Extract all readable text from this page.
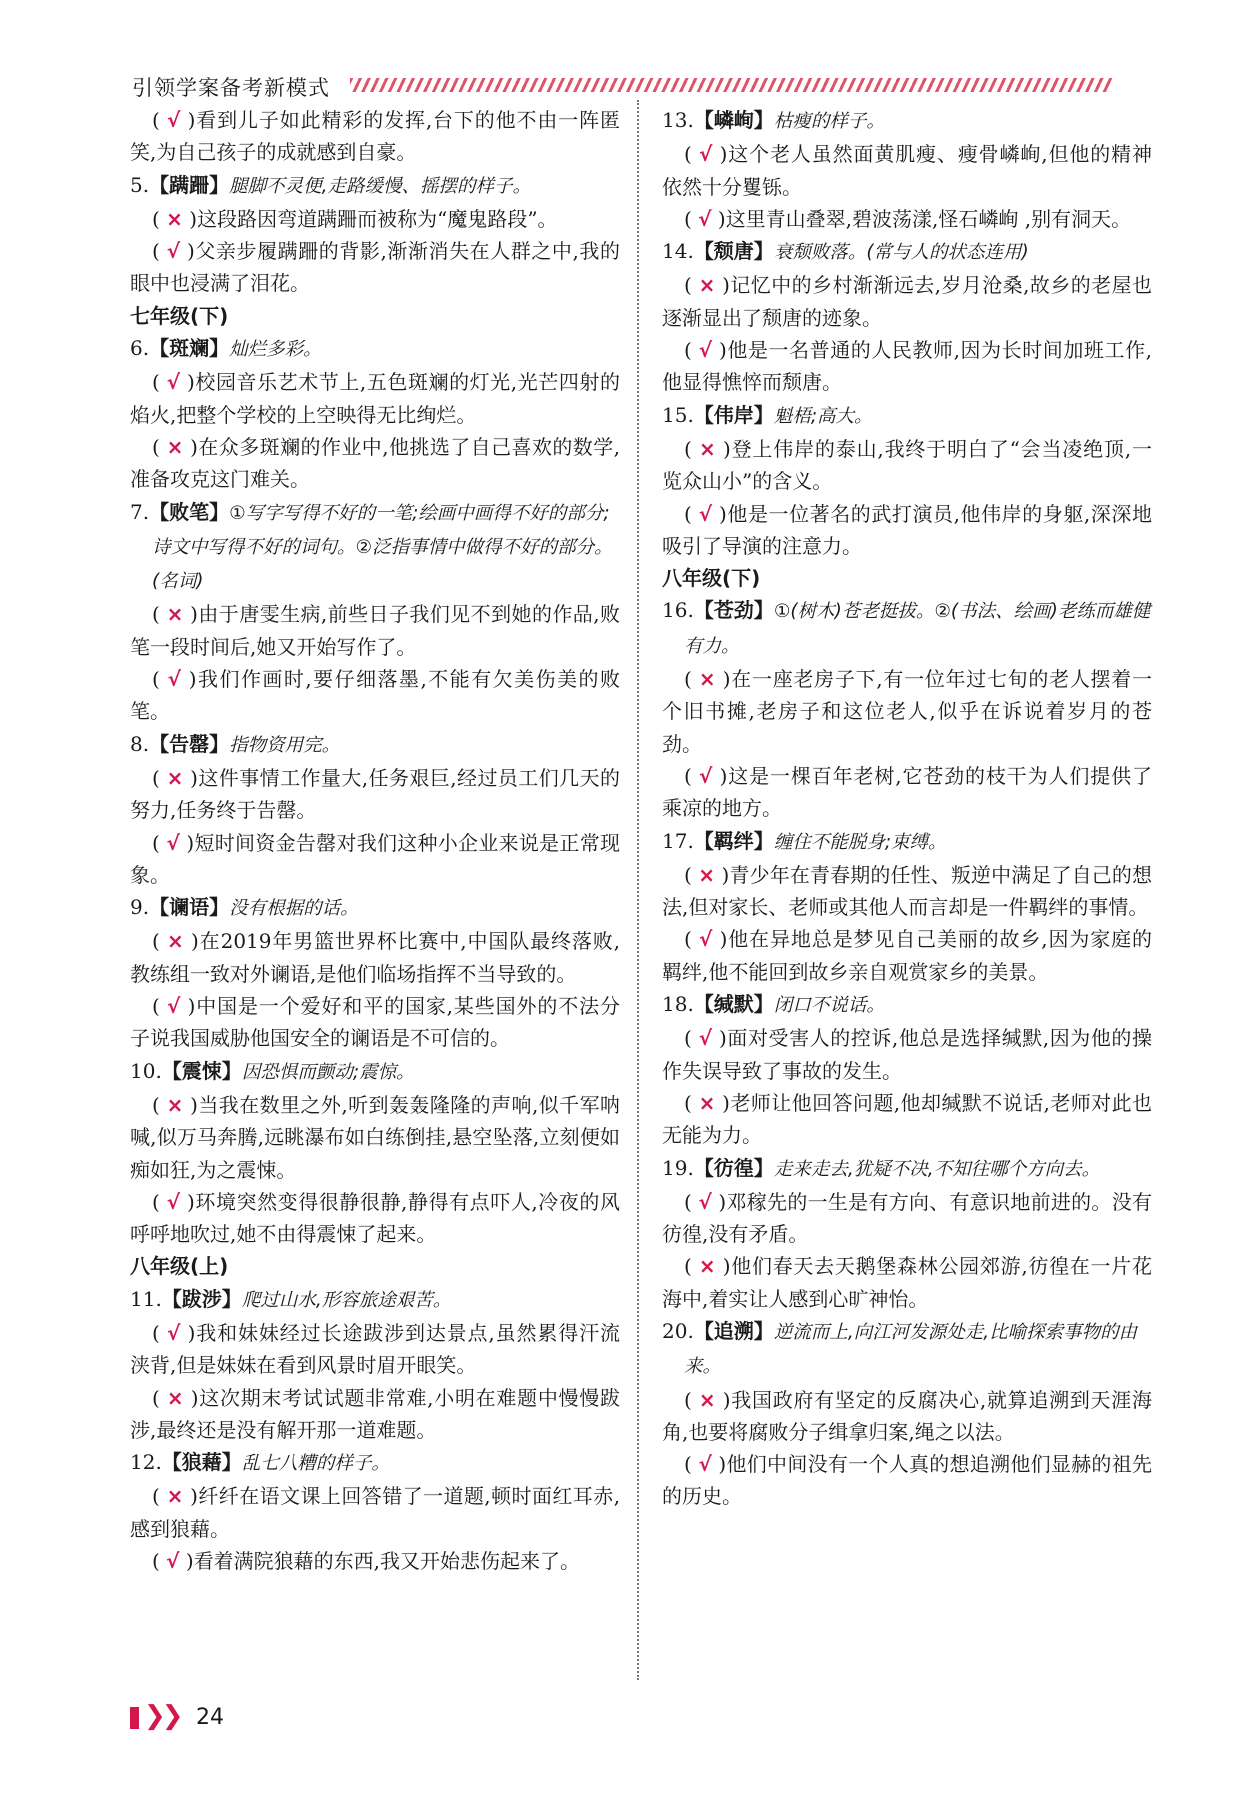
引领学案备考新模式
( √ )看到儿子如此精彩的发挥,台下的他不由一阵匿笑,为自己孩子的成就感到自豪。
5.【蹒跚】腿脚不灵便,走路缓慢、摇摆的样子。
( × )这段路因弯道蹒跚而被称为“魔鬼路段”。
( √ )父亲步履蹒跚的背影,渐渐消失在人群之中,我的眼中也浸满了泪花。
七年级(下)
6.【斑斓】灿烂多彩。
( √ )校园音乐艺术节上,五色斑斓的灯光,光芒四射的焰火,把整个学校的上空映得无比绚烂。
( × )在众多斑斓的作业中,他挑选了自己喜欢的数学,准备攻克这门难关。
7.【败笔】①写字写得不好的一笔;绘画中画得不好的部分;诗文中写得不好的词句。②泛指事情中做得不好的部分。(名词)
( × )由于唐雯生病,前些日子我们见不到她的作品,败笔一段时间后,她又开始写作了。
( √ )我们作画时,要仔细落墨,不能有欠美伤美的败笔。
8.【告罄】指物资用完。
( × )这件事情工作量大,任务艰巨,经过员工们几天的努力,任务终于告罄。
( √ )短时间资金告罄对我们这种小企业来说是正常现象。
9.【谰语】没有根据的话。
( × )在2019年男篮世界杯比赛中,中国队最终落败,教练组一致对外谰语,是他们临场指挥不当导致的。
( √ )中国是一个爱好和平的国家,某些国外的不法分子说我国威胁他国安全的谰语是不可信的。
10.【震悚】因恐惧而颤动;震惊。
( × )当我在数里之外,听到轰轰隆隆的声响,似千军呐喊,似万马奔腾,远眺瀑布如白练倒挂,悬空坠落,立刻便如痴如狂,为之震悚。
( √ )环境突然变得很静很静,静得有点吓人,冷夜的风呼呼地吹过,她不由得震悚了起来。
八年级(上)
11.【跋涉】爬过山水,形容旅途艰苦。
( √ )我和妹妹经过长途跋涉到达景点,虽然累得汗流浃背,但是妹妹在看到风景时眉开眼笑。
( × )这次期末考试试题非常难,小明在难题中慢慢跋涉,最终还是没有解开那一道难题。
12.【狼藉】乱七八糟的样子。
( × )纤纤在语文课上回答错了一道题,顿时面红耳赤,感到狼藉。
( √ )看着满院狼藉的东西,我又开始悲伤起来了。
13.【嶙峋】枯瘦的样子。
( √ )这个老人虽然面黄肌瘦、瘦骨嶙峋,但他的精神依然十分矍铄。
( √ )这里青山叠翠,碧波荡漾,怪石嶙峋 ,别有洞天。
14.【颓唐】衰颓败落。(常与人的状态连用)
( × )记忆中的乡村渐渐远去,岁月沧桑,故乡的老屋也逐渐显出了颓唐的迹象。
( √ )他是一名普通的人民教师,因为长时间加班工作,他显得憔悴而颓唐。
15.【伟岸】魁梧;高大。
( × )登上伟岸的泰山,我终于明白了“会当凌绝顶,一览众山小”的含义。
( √ )他是一位著名的武打演员,他伟岸的身躯,深深地吸引了导演的注意力。
八年级(下)
16.【苍劲】①(树木)苍老挺拔。②(书法、绘画)老练而雄健有力。
( × )在一座老房子下,有一位年过七旬的老人摆着一个旧书摊,老房子和这位老人,似乎在诉说着岁月的苍劲。
( √ )这是一棵百年老树,它苍劲的枝干为人们提供了乘凉的地方。
17.【羁绊】缠住不能脱身;束缚。
( × )青少年在青春期的任性、叛逆中满足了自己的想法,但对家长、老师或其他人而言却是一件羁绊的事情。
( √ )他在异地总是梦见自己美丽的故乡,因为家庭的羁绊,他不能回到故乡亲自观赏家乡的美景。
18.【缄默】闭口不说话。
( √ )面对受害人的控诉,他总是选择缄默,因为他的操作失误导致了事故的发生。
( × )老师让他回答问题,他却缄默不说话,老师对此也无能为力。
19.【彷徨】走来走去,犹疑不决,不知往哪个方向去。
( √ )邓稼先的一生是有方向、有意识地前进的。没有彷徨,没有矛盾。
( × )他们春天去天鹅堡森林公园郊游,彷徨在一片花海中,着实让人感到心旷神怡。
20.【追溯】逆流而上,向江河发源处走,比喻探索事物的由来。
( × )我国政府有坚定的反腐决心,就算追溯到天涯海角,也要将腐败分子缉拿归案,绳之以法。
( √ )他们中间没有一个人真的想追溯他们显赫的祖先的历史。
❯❯ 24
